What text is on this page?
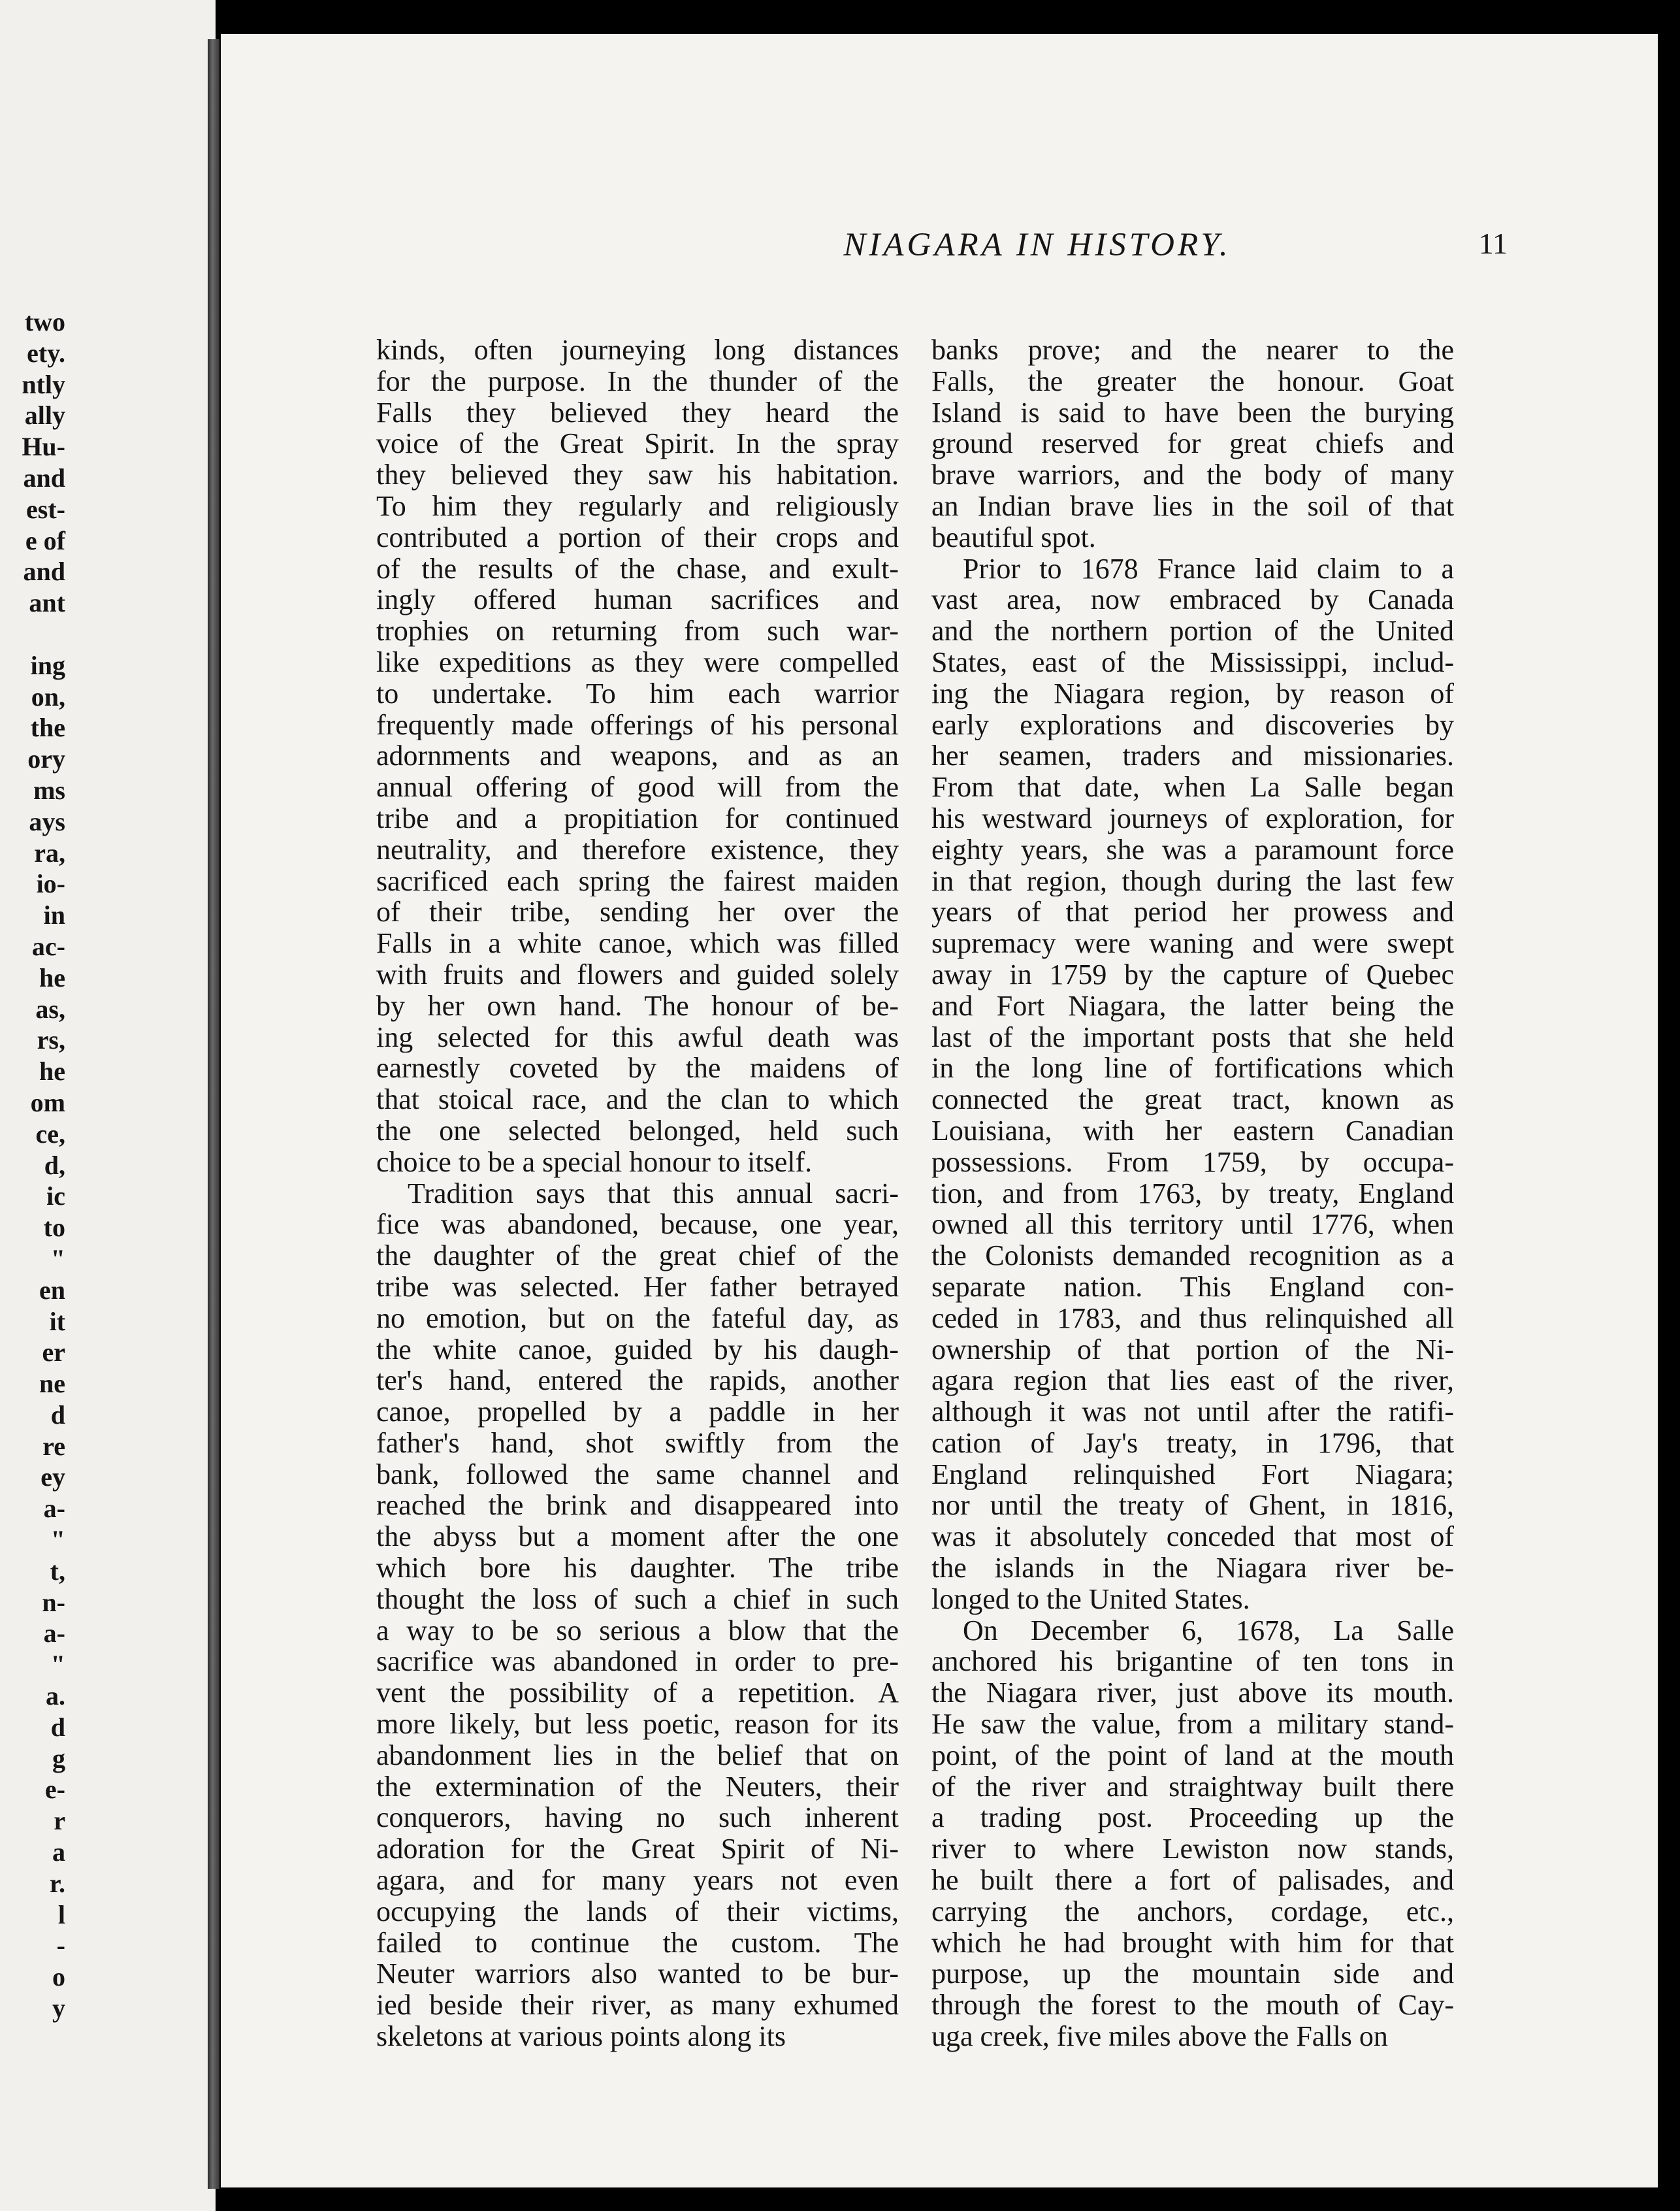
two
ety.
ntly
ally
Hu-
and
est-
e of
and
ant
ing
on,
the
ory
ms
ays
ra,
io-
in
ac-
he
as,
rs,
he
om
ce,
d,
ic
to
"
en
it
er
ne
d
re
ey
a-
"
t,
n-
a-
"
a.
d
g
e-
r
a
r.
l
-
o
y
NIAGARA IN HISTORY.	11
kinds, often journeying long distances
for the purpose. In the thunder of the
Falls they believed they heard the
voice of the Great Spirit. In the spray
they believed they saw his habitation.
To him they regularly and religiously
contributed a portion of their crops and
of the results of the chase, and exult-
ingly offered human sacrifices and
trophies on returning from such war-
like expeditions as they were compelled
to undertake. To him each warrior
frequently made offerings of his personal
adornments and weapons, and as an
annual offering of good will from the
tribe and a propitiation for continued
neutrality, and therefore existence, they
sacrificed each spring the fairest maiden
of their tribe, sending her over the
Falls in a white canoe, which was filled
with fruits and flowers and guided solely
by her own hand. The honour of be-
ing selected for this awful death was
earnestly coveted by the maidens of
that stoical race, and the clan to which
the one selected belonged, held such
choice to be a special honour to itself.
Tradition says that this annual sacri-
fice was abandoned, because, one year,
the daughter of the great chief of the
tribe was selected. Her father betrayed
no emotion, but on the fateful day, as
the white canoe, guided by his daugh-
ter's hand, entered the rapids, another
canoe, propelled by a paddle in her
father's hand, shot swiftly from the
bank, followed the same channel and
reached the brink and disappeared into
the abyss but a moment after the one
which bore his daughter. The tribe
thought the loss of such a chief in such
a way to be so serious a blow that the
sacrifice was abandoned in order to pre-
vent the possibility of a repetition. A
more likely, but less poetic, reason for its
abandonment lies in the belief that on
the extermination of the Neuters, their
conquerors, having no such inherent
adoration for the Great Spirit of Ni-
agara, and for many years not even
occupying the lands of their victims,
failed to continue the custom. The
Neuter warriors also wanted to be bur-
ied beside their river, as many exhumed
skeletons at various points along its
banks prove; and the nearer to the
Falls, the greater the honour. Goat
Island is said to have been the burying
ground reserved for great chiefs and
brave warriors, and the body of many
an Indian brave lies in the soil of that
beautiful spot.
Prior to 1678 France laid claim to a
vast area, now embraced by Canada
and the northern portion of the United
States, east of the Mississippi, includ-
ing the Niagara region, by reason of
early explorations and discoveries by
her seamen, traders and missionaries.
From that date, when La Salle began
his westward journeys of exploration, for
eighty years, she was a paramount force
in that region, though during the last few
years of that period her prowess and
supremacy were waning and were swept
away in 1759 by the capture of Quebec
and Fort Niagara, the latter being the
last of the important posts that she held
in the long line of fortifications which
connected the great tract, known as
Louisiana, with her eastern Canadian
possessions. From 1759, by occupa-
tion, and from 1763, by treaty, England
owned all this territory until 1776, when
the Colonists demanded recognition as a
separate nation. This England con-
ceded in 1783, and thus relinquished all
ownership of that portion of the Ni-
agara region that lies east of the river,
although it was not until after the ratifi-
cation of Jay's treaty, in 1796, that
England relinquished Fort Niagara;
nor until the treaty of Ghent, in 1816,
was it absolutely conceded that most of
the islands in the Niagara river be-
longed to the United States.
On December 6, 1678, La Salle
anchored his brigantine of ten tons in
the Niagara river, just above its mouth.
He saw the value, from a military stand-
point, of the point of land at the mouth
of the river and straightway built there
a trading post. Proceeding up the
river to where Lewiston now stands,
he built there a fort of palisades, and
carrying the anchors, cordage, etc.,
which he had brought with him for that
purpose, up the mountain side and
through the forest to the mouth of Cay-
uga creek, five miles above the Falls on
